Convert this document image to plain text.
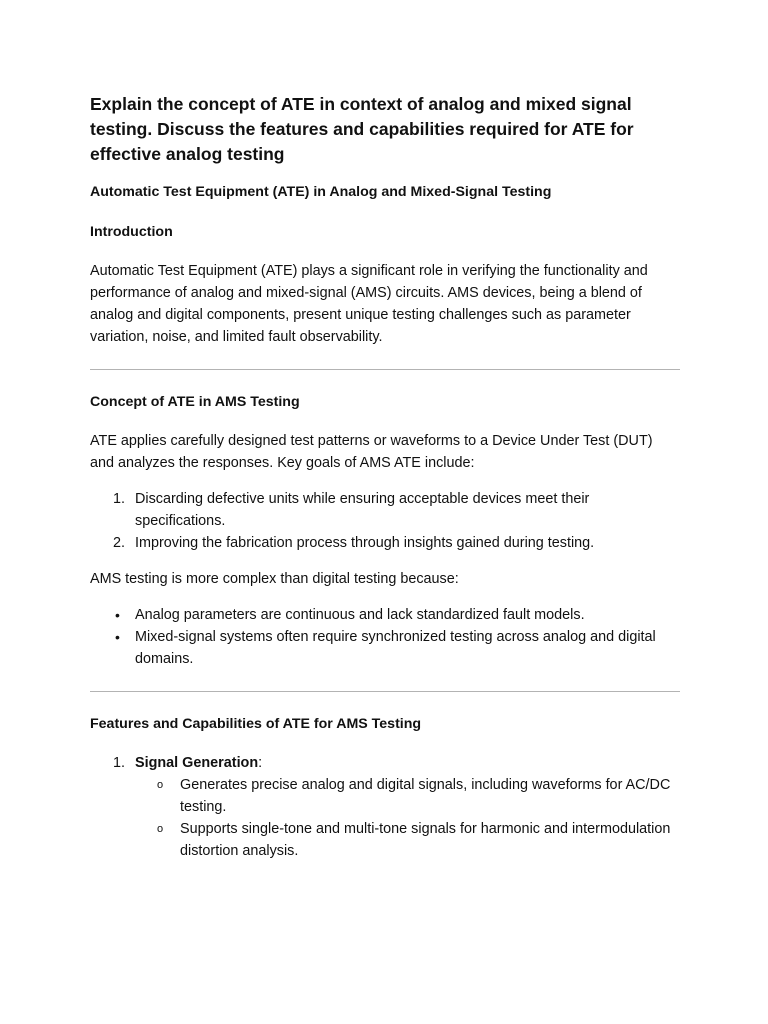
Explain the concept of ATE in context of analog and mixed signal testing. Discuss the features and capabilities required for ATE for effective analog testing
Automatic Test Equipment (ATE) in Analog and Mixed-Signal Testing
Introduction
Automatic Test Equipment (ATE) plays a significant role in verifying the functionality and performance of analog and mixed-signal (AMS) circuits. AMS devices, being a blend of analog and digital components, present unique testing challenges such as parameter variation, noise, and limited fault observability.
Concept of ATE in AMS Testing
ATE applies carefully designed test patterns or waveforms to a Device Under Test (DUT) and analyzes the responses. Key goals of AMS ATE include:
1. Discarding defective units while ensuring acceptable devices meet their specifications.
2. Improving the fabrication process through insights gained during testing.
AMS testing is more complex than digital testing because:
• Analog parameters are continuous and lack standardized fault models.
• Mixed-signal systems often require synchronized testing across analog and digital domains.
Features and Capabilities of ATE for AMS Testing
1. Signal Generation:
o Generates precise analog and digital signals, including waveforms for AC/DC testing.
o Supports single-tone and multi-tone signals for harmonic and intermodulation distortion analysis.
